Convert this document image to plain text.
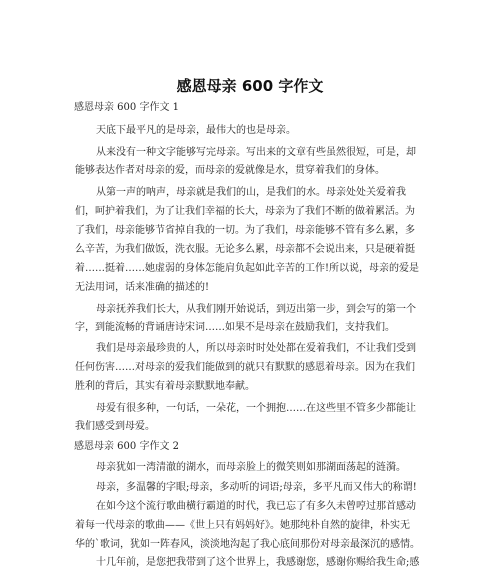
感恩母亲 600 字作文
感恩母亲 600 字作文 1
天底下最平凡的是母亲，最伟大的也是母亲。
从来没有一种文字能够写完母亲。写出来的文章有些虽然很短，可是，却
能够表达作者对母亲的爱，而母亲的爱就像是水，贯穿着我们的身体。
从第一声的呐声，母亲就是我们的山，是我们的水。母亲处处关爱着我
们，呵护着我们，为了让我们幸福的长大，母亲为了我们不断的做着累活。为
了我们，母亲能够节省掉自我的一切。为了我们，母亲能够不管有多么累，多
么辛苦，为我们做饭，洗衣服。无论多么累，母亲都不会说出来，只是硬着挺
着……挺着……她虚弱的身体怎能肩负起如此辛苦的工作!所以说，母亲的爱是
无法用词，话来准确的描述的!
母亲抚养我们长大，从我们刚开始说话，到迈出第一步，到会写的第一个
字，到能流畅的背诵唐诗宋词……如果不是母亲在鼓励我们，支持我们。
我们是母亲最珍贵的人，所以母亲时时处处都在爱着我们，不让我们受到
任何伤害……对母亲的爱我们能做到的就只有默默的感恩着母亲。因为在我们
胜利的背后，其实有着母亲默默地奉献。
母爱有很多种，一句话，一朵花，一个拥抱……在这些里不管多少都能让
我们感受到母爱。
感恩母亲 600 字作文 2
母亲犹如一湾清澈的湖水，而母亲脸上的微笑则如那湖面荡起的涟漪。
母亲，多温馨的字眼;母亲，多动听的词语;母亲，多平凡而又伟大的称谓!
在如今这个流行歌曲横行霸道的时代，我已忘了有多久未曾哼过那首感动
着每一代母亲的歌曲——《世上只有妈妈好》。她那纯朴自然的旋律，朴实无
华的`歌词，犹如一阵春风，淡淡地沟起了我心底间那份对母亲最深沉的感情。
十几年前，是您把我带到了这个世界上，我感谢您，感谢你赐给我生命;感
